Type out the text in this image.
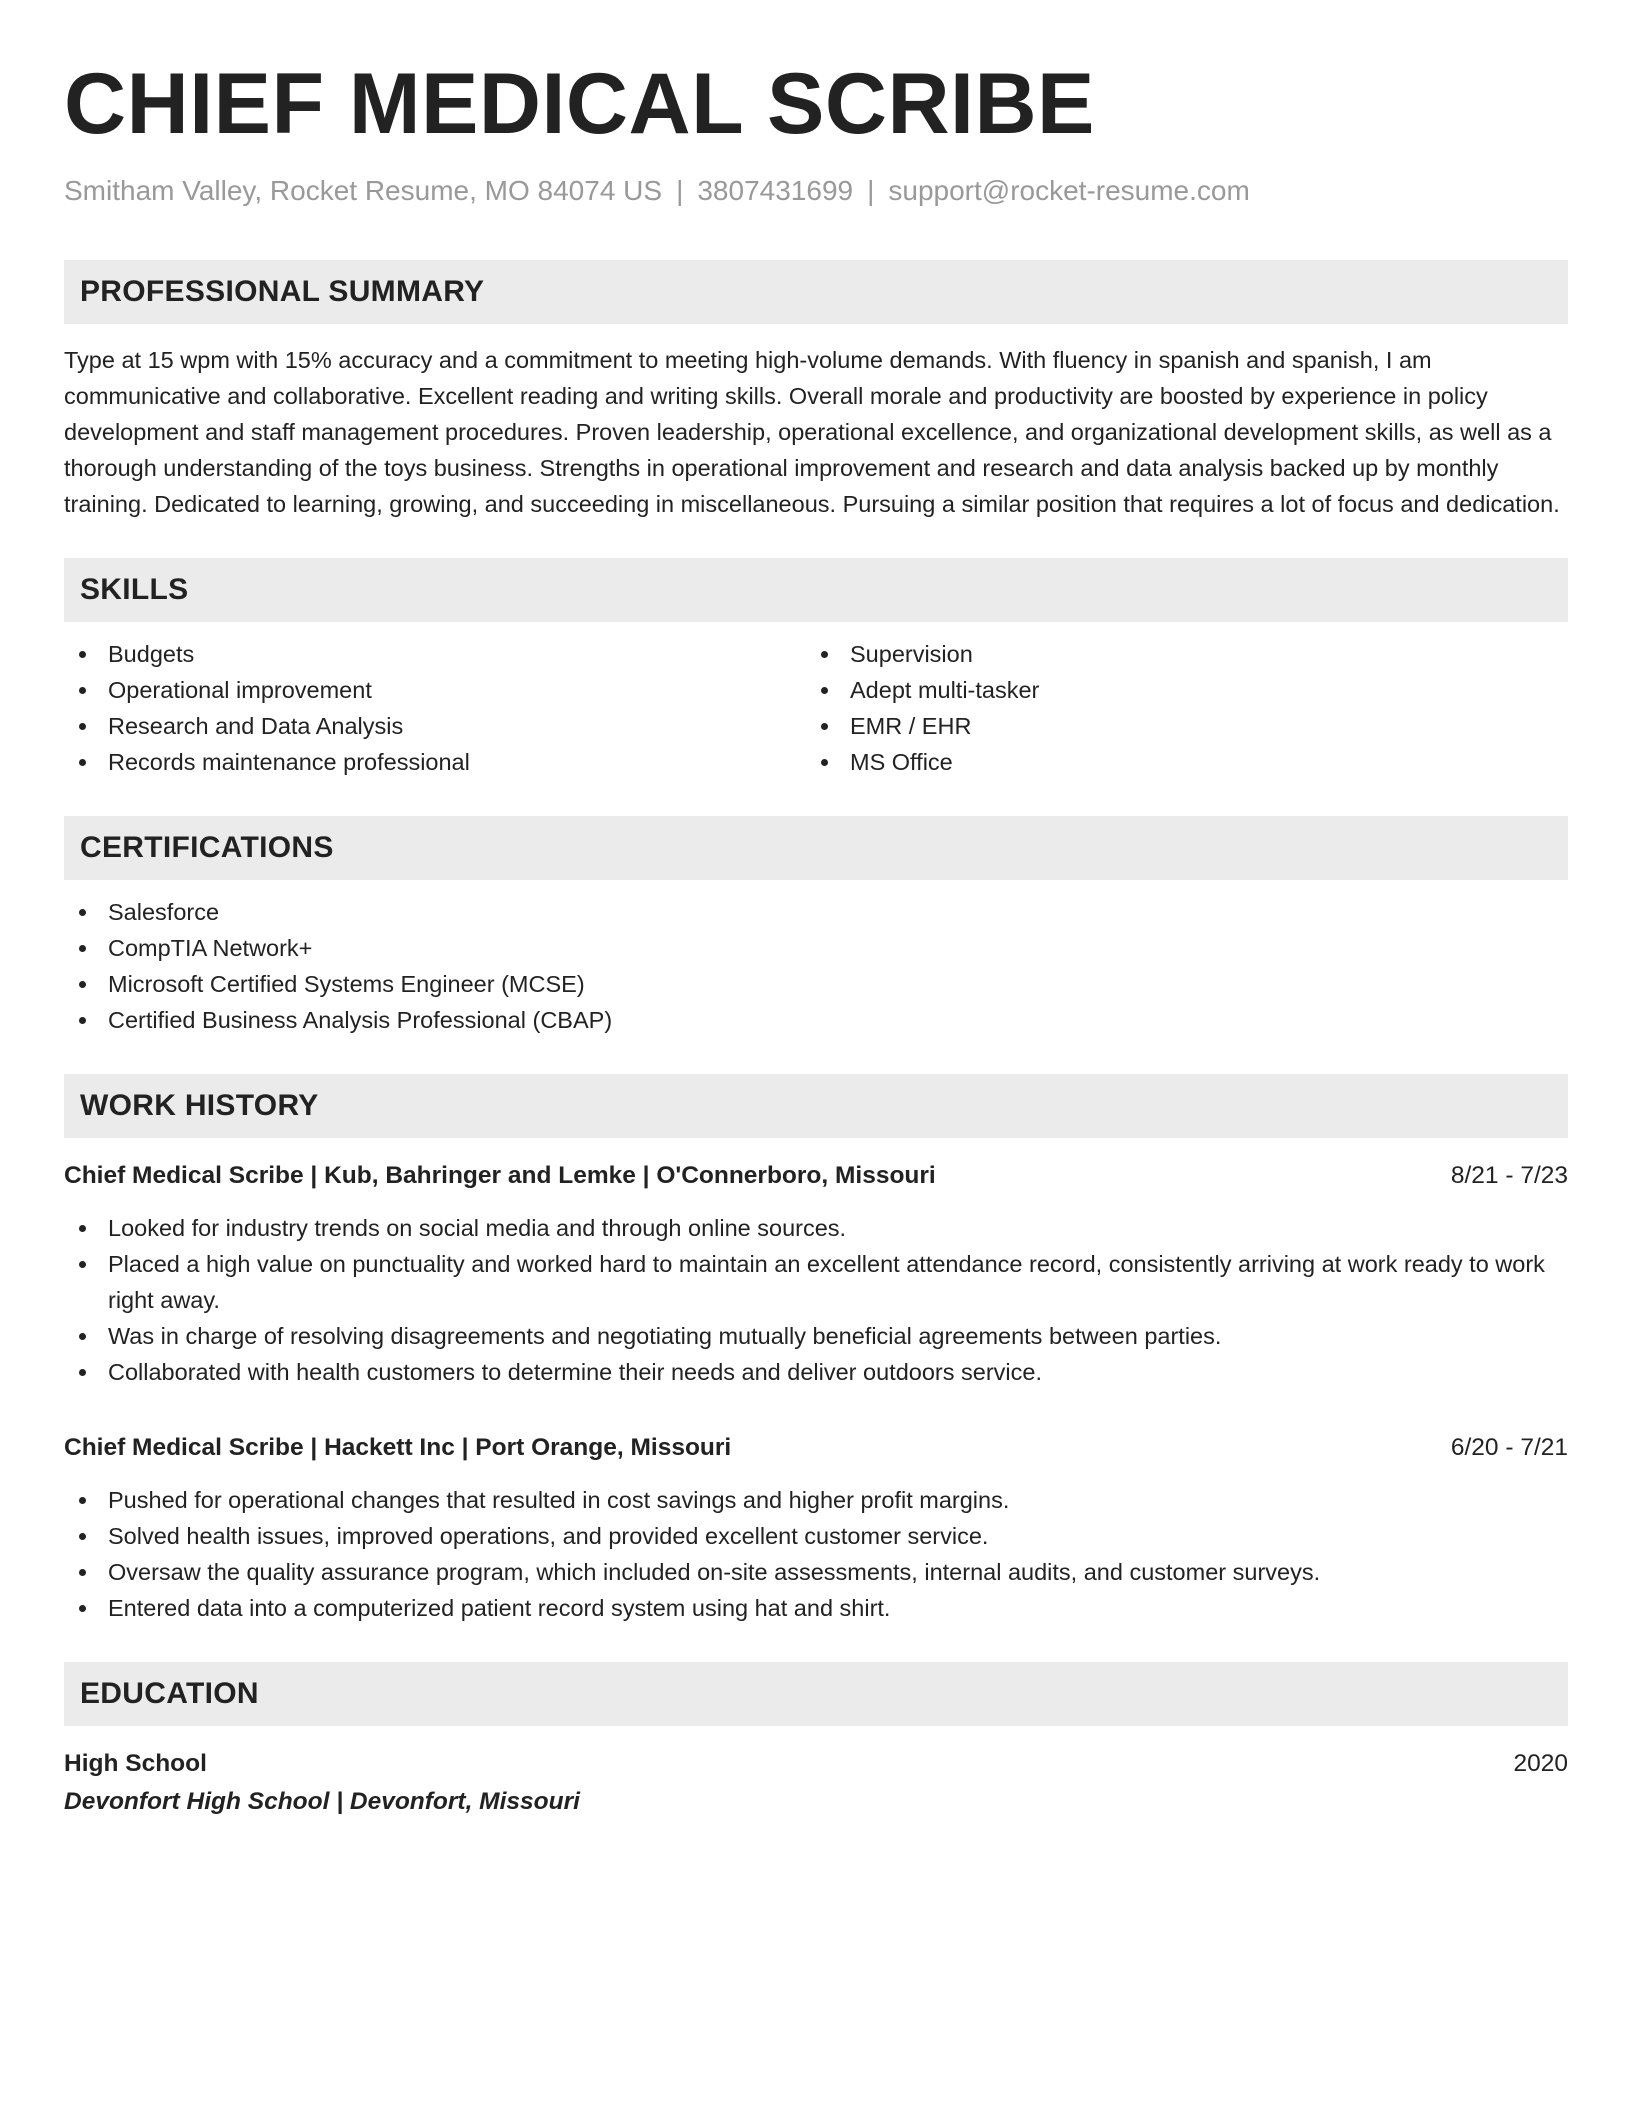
CHIEF MEDICAL SCRIBE
Smitham Valley, Rocket Resume, MO 84074 US | 3807431699 | support@rocket-resume.com
PROFESSIONAL SUMMARY
Type at 15 wpm with 15% accuracy and a commitment to meeting high-volume demands. With fluency in spanish and spanish, I am communicative and collaborative. Excellent reading and writing skills. Overall morale and productivity are boosted by experience in policy development and staff management procedures. Proven leadership, operational excellence, and organizational development skills, as well as a thorough understanding of the toys business. Strengths in operational improvement and research and data analysis backed up by monthly training. Dedicated to learning, growing, and succeeding in miscellaneous. Pursuing a similar position that requires a lot of focus and dedication.
SKILLS
Budgets
Operational improvement
Research and Data Analysis
Records maintenance professional
Supervision
Adept multi-tasker
EMR / EHR
MS Office
CERTIFICATIONS
Salesforce
CompTIA Network+
Microsoft Certified Systems Engineer (MCSE)
Certified Business Analysis Professional (CBAP)
WORK HISTORY
Chief Medical Scribe | Kub, Bahringer and Lemke | O'Connerboro, Missouri	8/21 - 7/23
Looked for industry trends on social media and through online sources.
Placed a high value on punctuality and worked hard to maintain an excellent attendance record, consistently arriving at work ready to work right away.
Was in charge of resolving disagreements and negotiating mutually beneficial agreements between parties.
Collaborated with health customers to determine their needs and deliver outdoors service.
Chief Medical Scribe | Hackett Inc | Port Orange, Missouri	6/20 - 7/21
Pushed for operational changes that resulted in cost savings and higher profit margins.
Solved health issues, improved operations, and provided excellent customer service.
Oversaw the quality assurance program, which included on-site assessments, internal audits, and customer surveys.
Entered data into a computerized patient record system using hat and shirt.
EDUCATION
High School	2020
Devonfort High School | Devonfort, Missouri
